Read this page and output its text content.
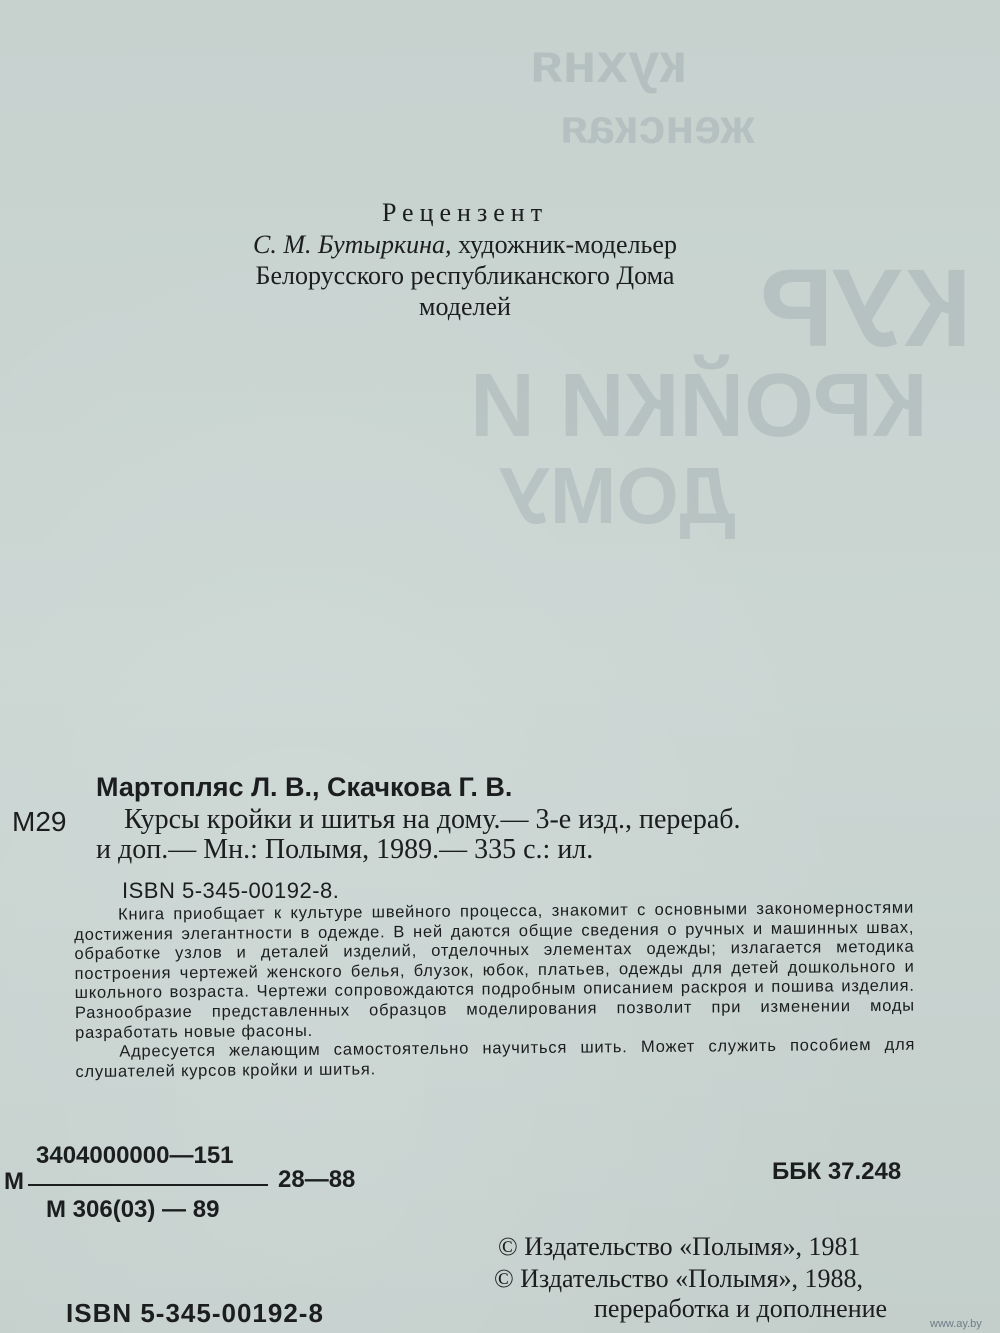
кухня
женская
КУР
КРОЙКИ И
ДОМУ
Рецензент
С. М. Бутыркина, художник-модельер
Белорусского республиканского Дома
моделей
Мартопляс Л. В., Скачкова Г. В.
М29 Курсы кройки и шитья на дому.— 3-е изд., перераб.
и доп.— Мн.: Полымя, 1989.— 335 с.: ил.
ISBN 5-345-00192-8.

Книга приобщает к культуре швейного процесса, знакомит с основными закономерностями достижения элегантности в одежде. В ней даются общие сведения о ручных и машинных швах, обработке узлов и деталей изделий, отделочных элементах одежды; излагается методика построения чертежей женского белья, блузок, юбок, платьев, одежды для детей дошкольного и школьного возраста. Чертежи сопровождаются подробным описанием раскроя и пошива изделия. Разнообразие представленных образцов моделирования позволит при изменении моды разработать новые фасоны.

Адресуется желающим самостоятельно научиться шить. Может служить пособием для слушателей курсов кройки и шитья.

3404000000—151
М	28—88
М 306(03) — 89
ББК 37.248
© Издательство «Полымя», 1981
© Издательство «Полымя», 1988,
переработка и дополнение
ISBN 5-345-00192-8	www.ay.by
